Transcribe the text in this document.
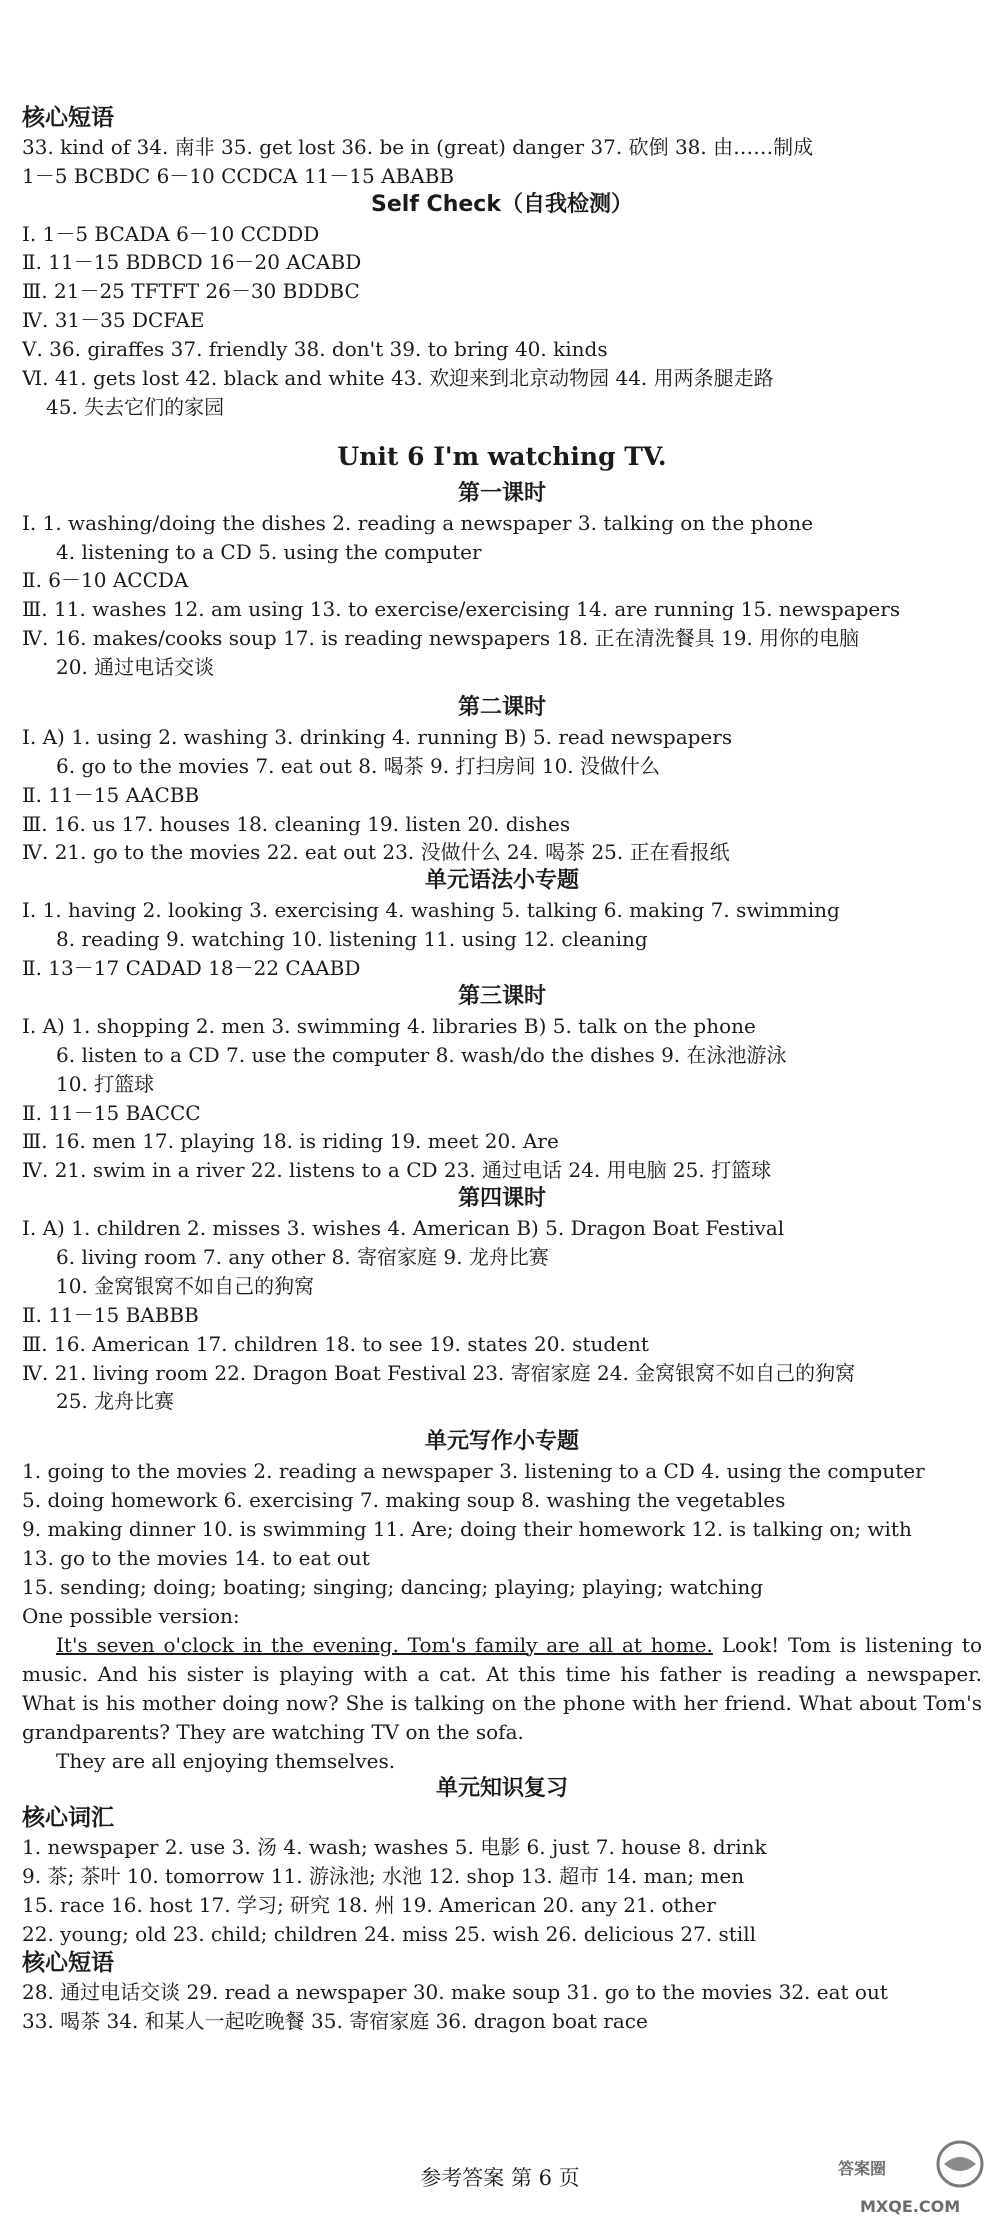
核心短语
33. kind of 34. 南非 35. get lost 36. be in (great) danger 37. 砍倒 38. 由……制成
1－5 BCBDC 6－10 CCDCA 11－15 ABABB
Self Check（自我检测）
Ⅰ. 1－5 BCADA 6－10 CCDDD
Ⅱ. 11－15 BDBCD 16－20 ACABD
Ⅲ. 21－25 TFTFT 26－30 BDDBC
Ⅳ. 31－35 DCFAE
Ⅴ. 36. giraffes 37. friendly 38. don't 39. to bring 40. kinds
Ⅵ. 41. gets lost 42. black and white 43. 欢迎来到北京动物园 44. 用两条腿走路
45. 失去它们的家园
Unit 6 I'm watching TV.
第一课时
Ⅰ. 1. washing/doing the dishes 2. reading a newspaper 3. talking on the phone
4. listening to a CD 5. using the computer
Ⅱ. 6－10 ACCDA
Ⅲ. 11. washes 12. am using 13. to exercise/exercising 14. are running 15. newspapers
Ⅳ. 16. makes/cooks soup 17. is reading newspapers 18. 正在清洗餐具 19. 用你的电脑
20. 通过电话交谈
第二课时
Ⅰ. A) 1. using 2. washing 3. drinking 4. running B) 5. read newspapers
6. go to the movies 7. eat out 8. 喝茶 9. 打扫房间 10. 没做什么
Ⅱ. 11－15 AACBB
Ⅲ. 16. us 17. houses 18. cleaning 19. listen 20. dishes
Ⅳ. 21. go to the movies 22. eat out 23. 没做什么 24. 喝茶 25. 正在看报纸
单元语法小专题
Ⅰ. 1. having 2. looking 3. exercising 4. washing 5. talking 6. making 7. swimming
8. reading 9. watching 10. listening 11. using 12. cleaning
Ⅱ. 13－17 CADAD 18－22 CAABD
第三课时
Ⅰ. A) 1. shopping 2. men 3. swimming 4. libraries B) 5. talk on the phone
6. listen to a CD 7. use the computer 8. wash/do the dishes 9. 在泳池游泳
10. 打篮球
Ⅱ. 11－15 BACCC
Ⅲ. 16. men 17. playing 18. is riding 19. meet 20. Are
Ⅳ. 21. swim in a river 22. listens to a CD 23. 通过电话 24. 用电脑 25. 打篮球
第四课时
Ⅰ. A) 1. children 2. misses 3. wishes 4. American B) 5. Dragon Boat Festival
6. living room 7. any other 8. 寄宿家庭 9. 龙舟比赛
10. 金窝银窝不如自己的狗窝
Ⅱ. 11－15 BABBB
Ⅲ. 16. American 17. children 18. to see 19. states 20. student
Ⅳ. 21. living room 22. Dragon Boat Festival 23. 寄宿家庭 24. 金窝银窝不如自己的狗窝
25. 龙舟比赛
单元写作小专题
1. going to the movies 2. reading a newspaper 3. listening to a CD 4. using the computer
5. doing homework 6. exercising 7. making soup 8. washing the vegetables
9. making dinner 10. is swimming 11. Are; doing their homework 12. is talking on; with
13. go to the movies 14. to eat out
15. sending; doing; boating; singing; dancing; playing; playing; watching
One possible version:
It's seven o'clock in the evening. Tom's family are all at home. Look! Tom is listening to music. And his sister is playing with a cat. At this time his father is reading a newspaper. What is his mother doing now? She is talking on the phone with her friend. What about Tom's grandparents? They are watching TV on the sofa.
They are all enjoying themselves.
单元知识复习
核心词汇
1. newspaper 2. use 3. 汤 4. wash; washes 5. 电影 6. just 7. house 8. drink
9. 茶; 茶叶 10. tomorrow 11. 游泳池; 水池 12. shop 13. 超市 14. man; men
15. race 16. host 17. 学习; 研究 18. 州 19. American 20. any 21. other
22. young; old 23. child; children 24. miss 25. wish 26. delicious 27. still
核心短语
28. 通过电话交谈 29. read a newspaper 30. make soup 31. go to the movies 32. eat out
33. 喝茶 34. 和某人一起吃晚餐 35. 寄宿家庭 36. dragon boat race
参考答案 第 6 页	答案圈
MXQE.COM
